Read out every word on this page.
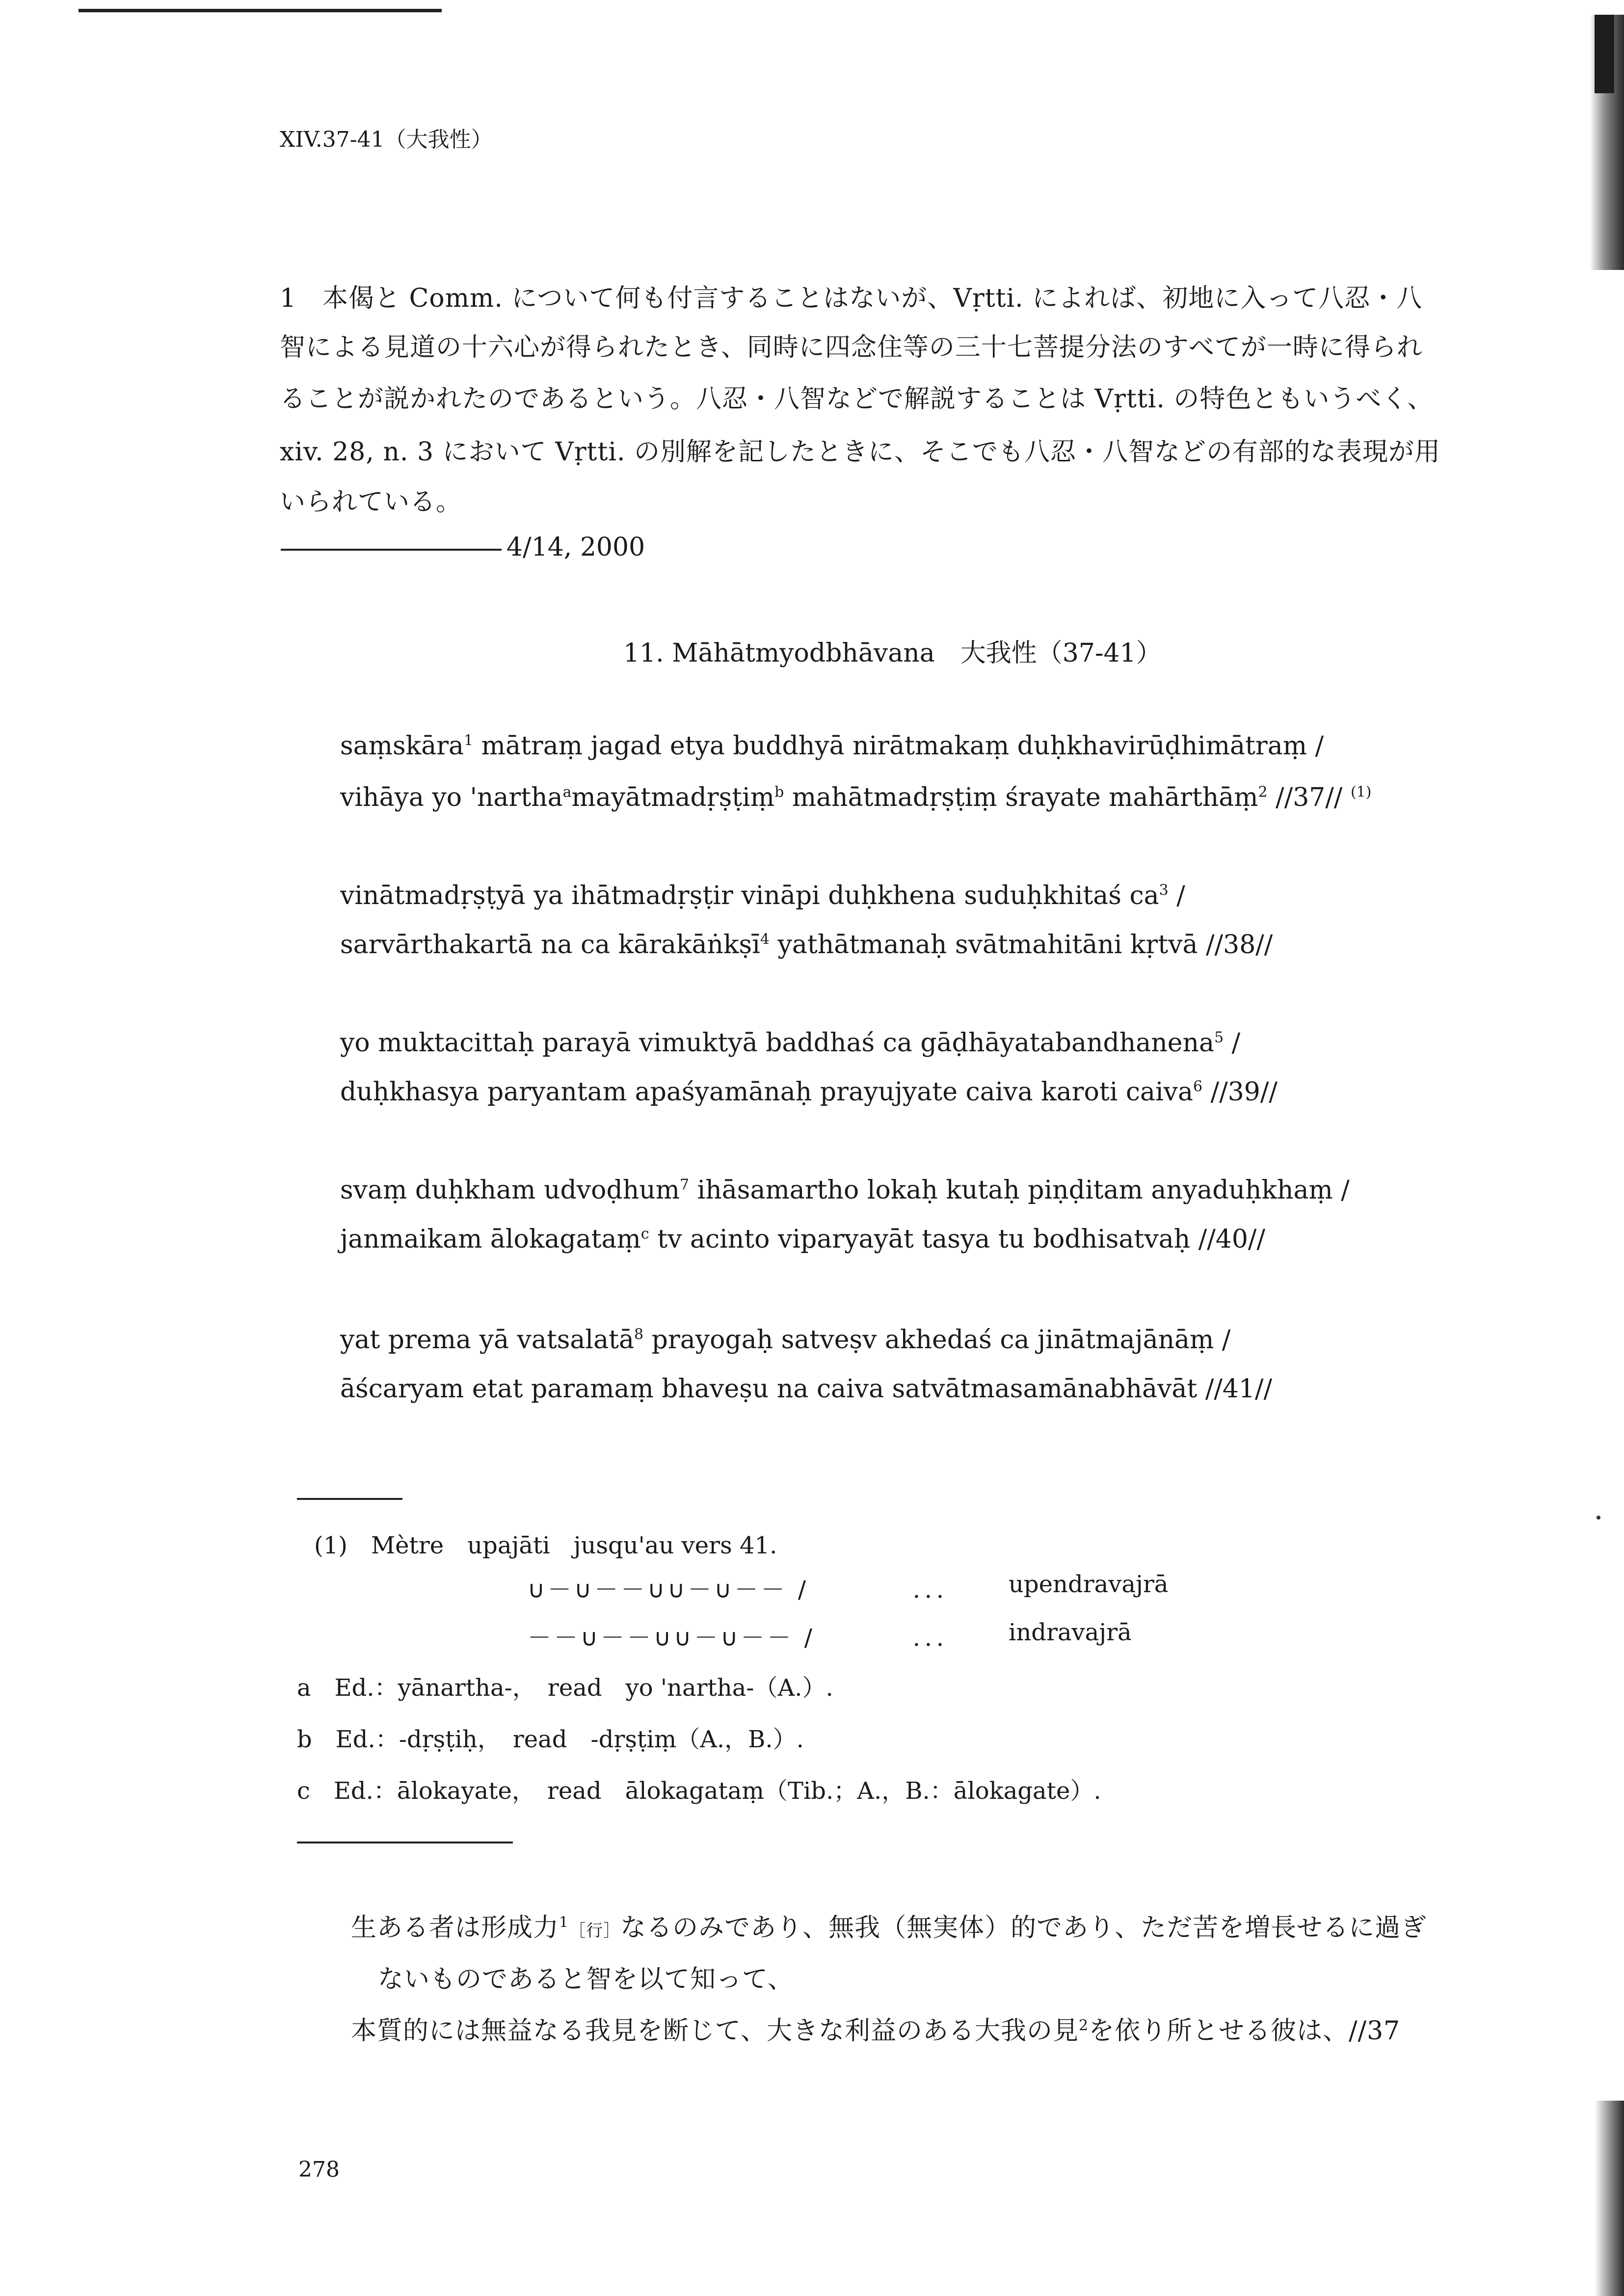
XIV.37-41（大我性）
1　本偈と Comm. について何も付言することはないが、Vṛtti. によれば、初地に入って八忍・八
智による見道の十六心が得られたとき、同時に四念住等の三十七菩提分法のすべてが一時に得られ
ることが説かれたのであるという。八忍・八智などで解説することは Vṛtti. の特色ともいうべく、
xiv. 28, n. 3 において Vṛtti. の別解を記したときに、そこでも八忍・八智などの有部的な表現が用
いられている。
4/14, 2000
11. Māhātmyodbhāvana　大我性（37-41）
saṃskāra$^1$ mātraṃ jagad etya buddhyā nirātmakaṃ duḥkhavirūḍhimātraṃ /
vihāya yo 'nartha$^a$mayātmadṛṣṭiṃ$^b$ mahātmadṛṣṭiṃ śrayate mahārthāṃ$^2$ //37// $^{(1)}$
vinātmadṛṣṭyā ya ihātmadṛṣṭir vināpi duḥkhena suduḥkhitaś $ca^3$ /
sarvārthakartā na ca kārakāṅkṣī$^4$ yathātmanaḥ svātmahitāni kṛtvā //38//
yo muktacittaḥ parayā vimuktyā baddhaś ca gāḍhāyatabandhanena$^5$ /
duḥkhasya paryantam apaśyamānaḥ prayujyate caiva karoti caiva$^6$ //39//
svaṃ duḥkham udvoḍhum$^7$ ihāsamartho lokaḥ kutaḥ piṇḍitam anyaduḥkhaṃ /
janmaikam ālokagataṃ$^c$ tv acinto viparyayāt tasya tu bodhisatvaḥ //40//
yat prema yā vatsalatā$^8$ prayogaḥ satveṣv akhedaś ca jinātmajānāṃ /
āścaryam etat paramaṃ bhaveṣu na caiva satvātmasamānabhāvāt //41//
(1)　Mètre　upajāti　jusqu'au vers 41.
∪－∪－－∪∪－∪－－ /	．．． upendravajrā
－－∪－－∪∪－∪－－ /	．．． indravajrā
a　Ed.：yānartha-，　read　yo 'nartha-（A.）.
b　Ed.：-dṛṣṭiḥ，　read　-dṛṣṭiṃ（A.，B.）.
c　Ed.：ālokayate，　read　ālokagataṃ（Tib.；A.，B.：ālokagate）.
生ある者は形成力$^1$［行］なるのみであり、無我（無実体）的であり、ただ苦を増長せるに過ぎ
ないものであると智を以て知って、
本質的には無益なる我見を断じて、大きな利益のある大我の見$^2$を依り所とせる彼は、//37
278
